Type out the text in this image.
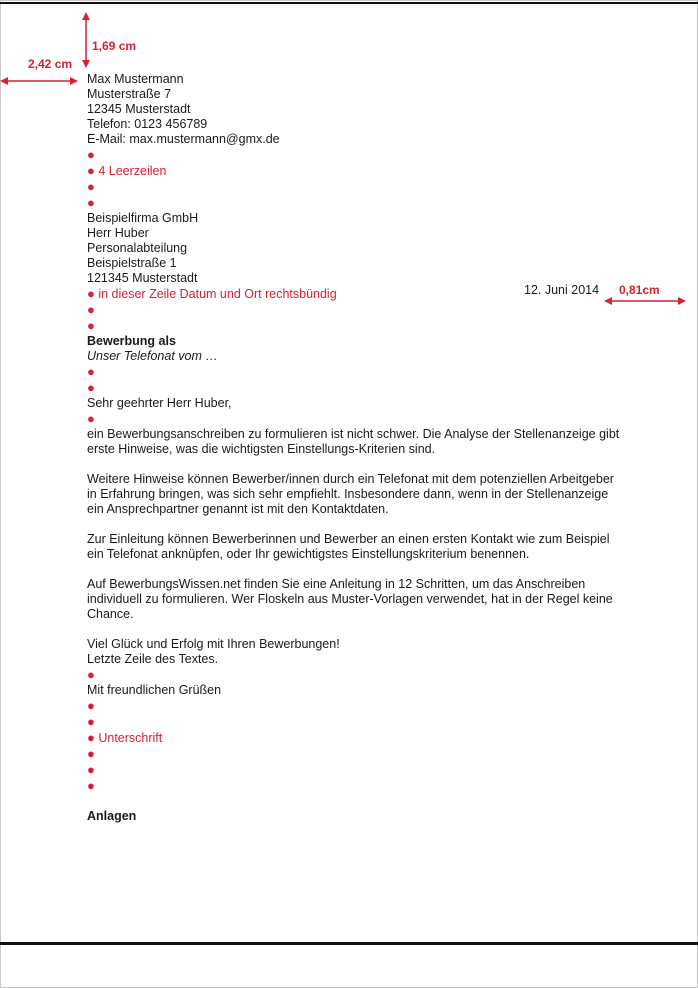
1,69 cm
2,42 cm
0,81cm
Max Mustermann
Musterstraße 7
12345 Musterstadt
Telefon: 0123 456789
E-Mail: max.mustermann@gmx.de
●
● 4 Leerzeilen
●
●
Beispielfirma GmbH
Herr Huber
Personalabteilung
Beispielstraße 1
121345 Musterstadt
● in dieser Zeile Datum und Ort rechtsbündig
●
●
Bewerbung als
Unser Telefonat vom …
●
●
Sehr geehrter Herr Huber,
●
ein Bewerbungsanschreiben zu formulieren ist nicht schwer. Die Analyse der Stellenanzeige gibt erste Hinweise, was die wichtigsten Einstellungs-Kriterien sind.

Weitere Hinweise können Bewerber/innen durch ein Telefonat mit dem potenziellen Arbeitgeber in Erfahrung bringen, was sich sehr empfiehlt. Insbesondere dann, wenn in der Stellenanzeige ein Ansprechpartner genannt ist mit den Kontaktdaten.

Zur Einleitung können Bewerberinnen und Bewerber an einen ersten Kontakt wie zum Beispiel ein Telefonat anknüpfen, oder Ihr gewichtigstes Einstellungskriterium benennen.

Auf BewerbungsWissen.net finden Sie eine Anleitung in 12 Schritten, um das Anschreiben individuell zu formulieren. Wer Floskeln aus Muster-Vorlagen verwendet, hat in der Regel keine Chance.

Viel Glück und Erfolg mit Ihren Bewerbungen!
Letzte Zeile des Textes.
●
Mit freundlichen Grüßen
●
●
● Unterschrift
●
●
●

Anlagen
12. Juni 2014
